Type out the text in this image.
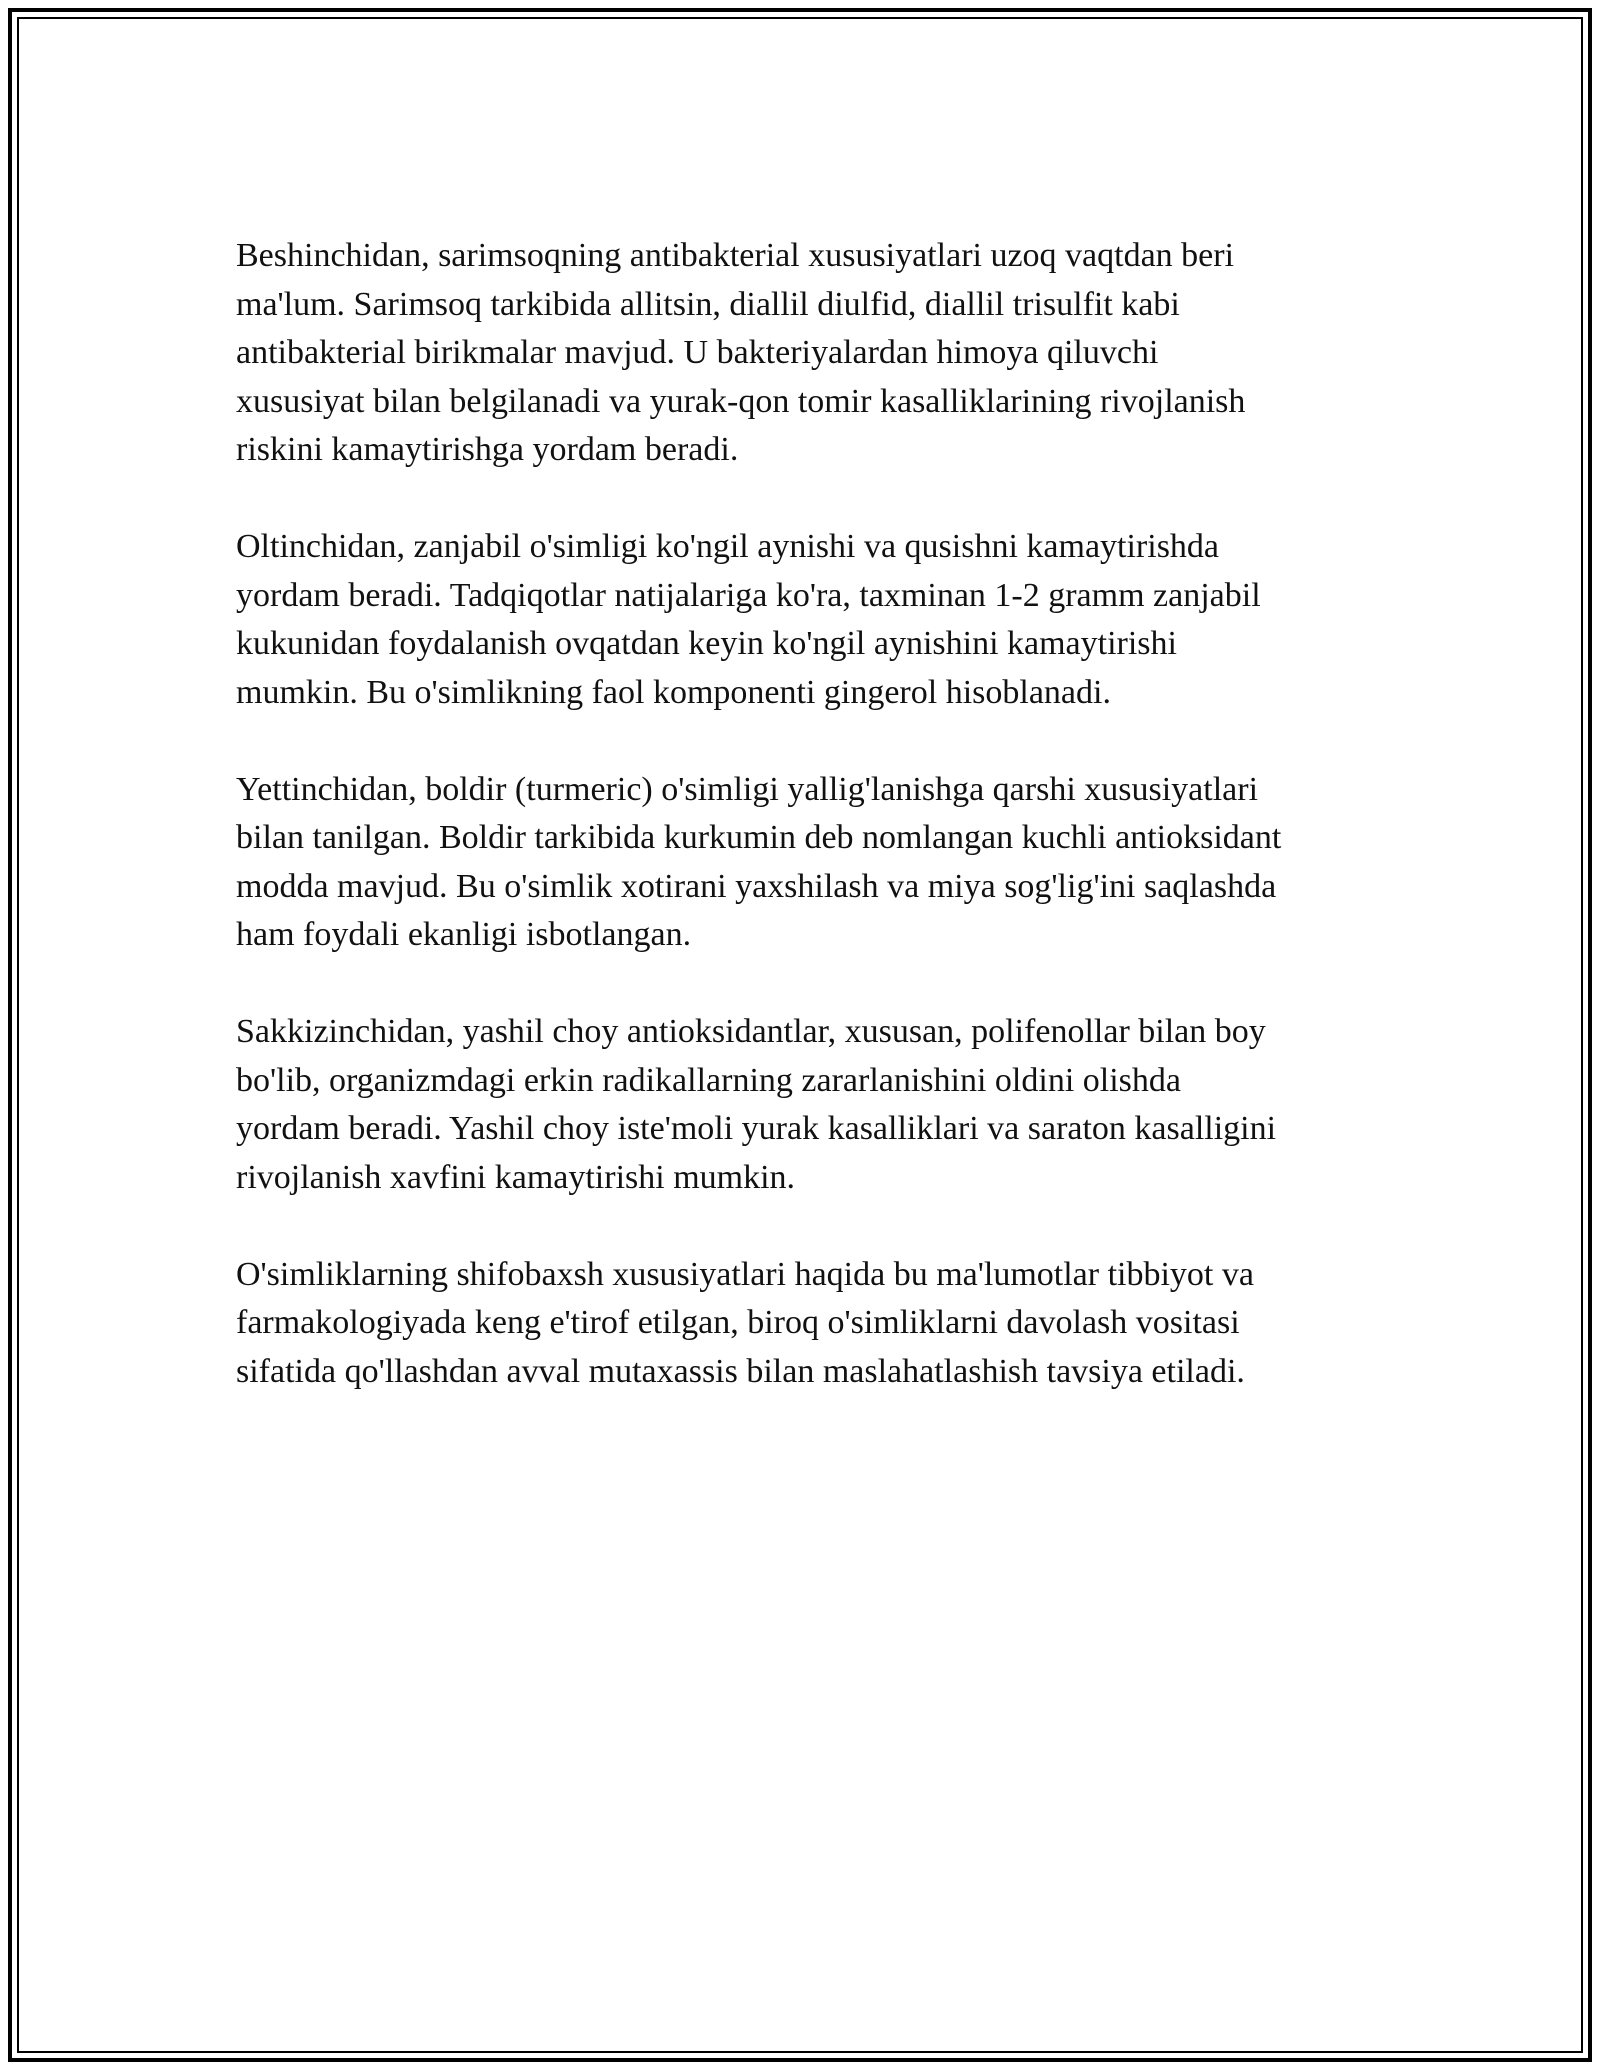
Beshinchidan, sarimsoqning antibakterial xususiyatlari uzoq vaqtdan beri
ma'lum. Sarimsoq tarkibida allitsin, diallil diulfid, diallil trisulfit kabi
antibakterial birikmalar mavjud. U bakteriyalardan himoya qiluvchi
xususiyat bilan belgilanadi va yurak-qon tomir kasalliklarining rivojlanish
riskini kamaytirishga yordam beradi.

Oltinchidan, zanjabil o'simligi ko'ngil aynishi va qusishni kamaytirishda
yordam beradi. Tadqiqotlar natijalariga ko'ra, taxminan 1-2 gramm zanjabil
kukunidan foydalanish ovqatdan keyin ko'ngil aynishini kamaytirishi
mumkin. Bu o'simlikning faol komponenti gingerol hisoblanadi.

Yettinchidan, boldir (turmeric) o'simligi yallig'lanishga qarshi xususiyatlari
bilan tanilgan. Boldir tarkibida kurkumin deb nomlangan kuchli antioksidant
modda mavjud. Bu o'simlik xotirani yaxshilash va miya sog'lig'ini saqlashda
ham foydali ekanligi isbotlangan.

Sakkizinchidan, yashil choy antioksidantlar, xususan, polifenollar bilan boy
bo'lib, organizmdagi erkin radikallarning zararlanishini oldini olishda
yordam beradi. Yashil choy iste'moli yurak kasalliklari va saraton kasalligini
rivojlanish xavfini kamaytirishi mumkin.

O'simliklarning shifobaxsh xususiyatlari haqida bu ma'lumotlar tibbiyot va
farmakologiyada keng e'tirof etilgan, biroq o'simliklarni davolash vositasi
sifatida qo'llashdan avval mutaxassis bilan maslahatlashish tavsiya etiladi.
